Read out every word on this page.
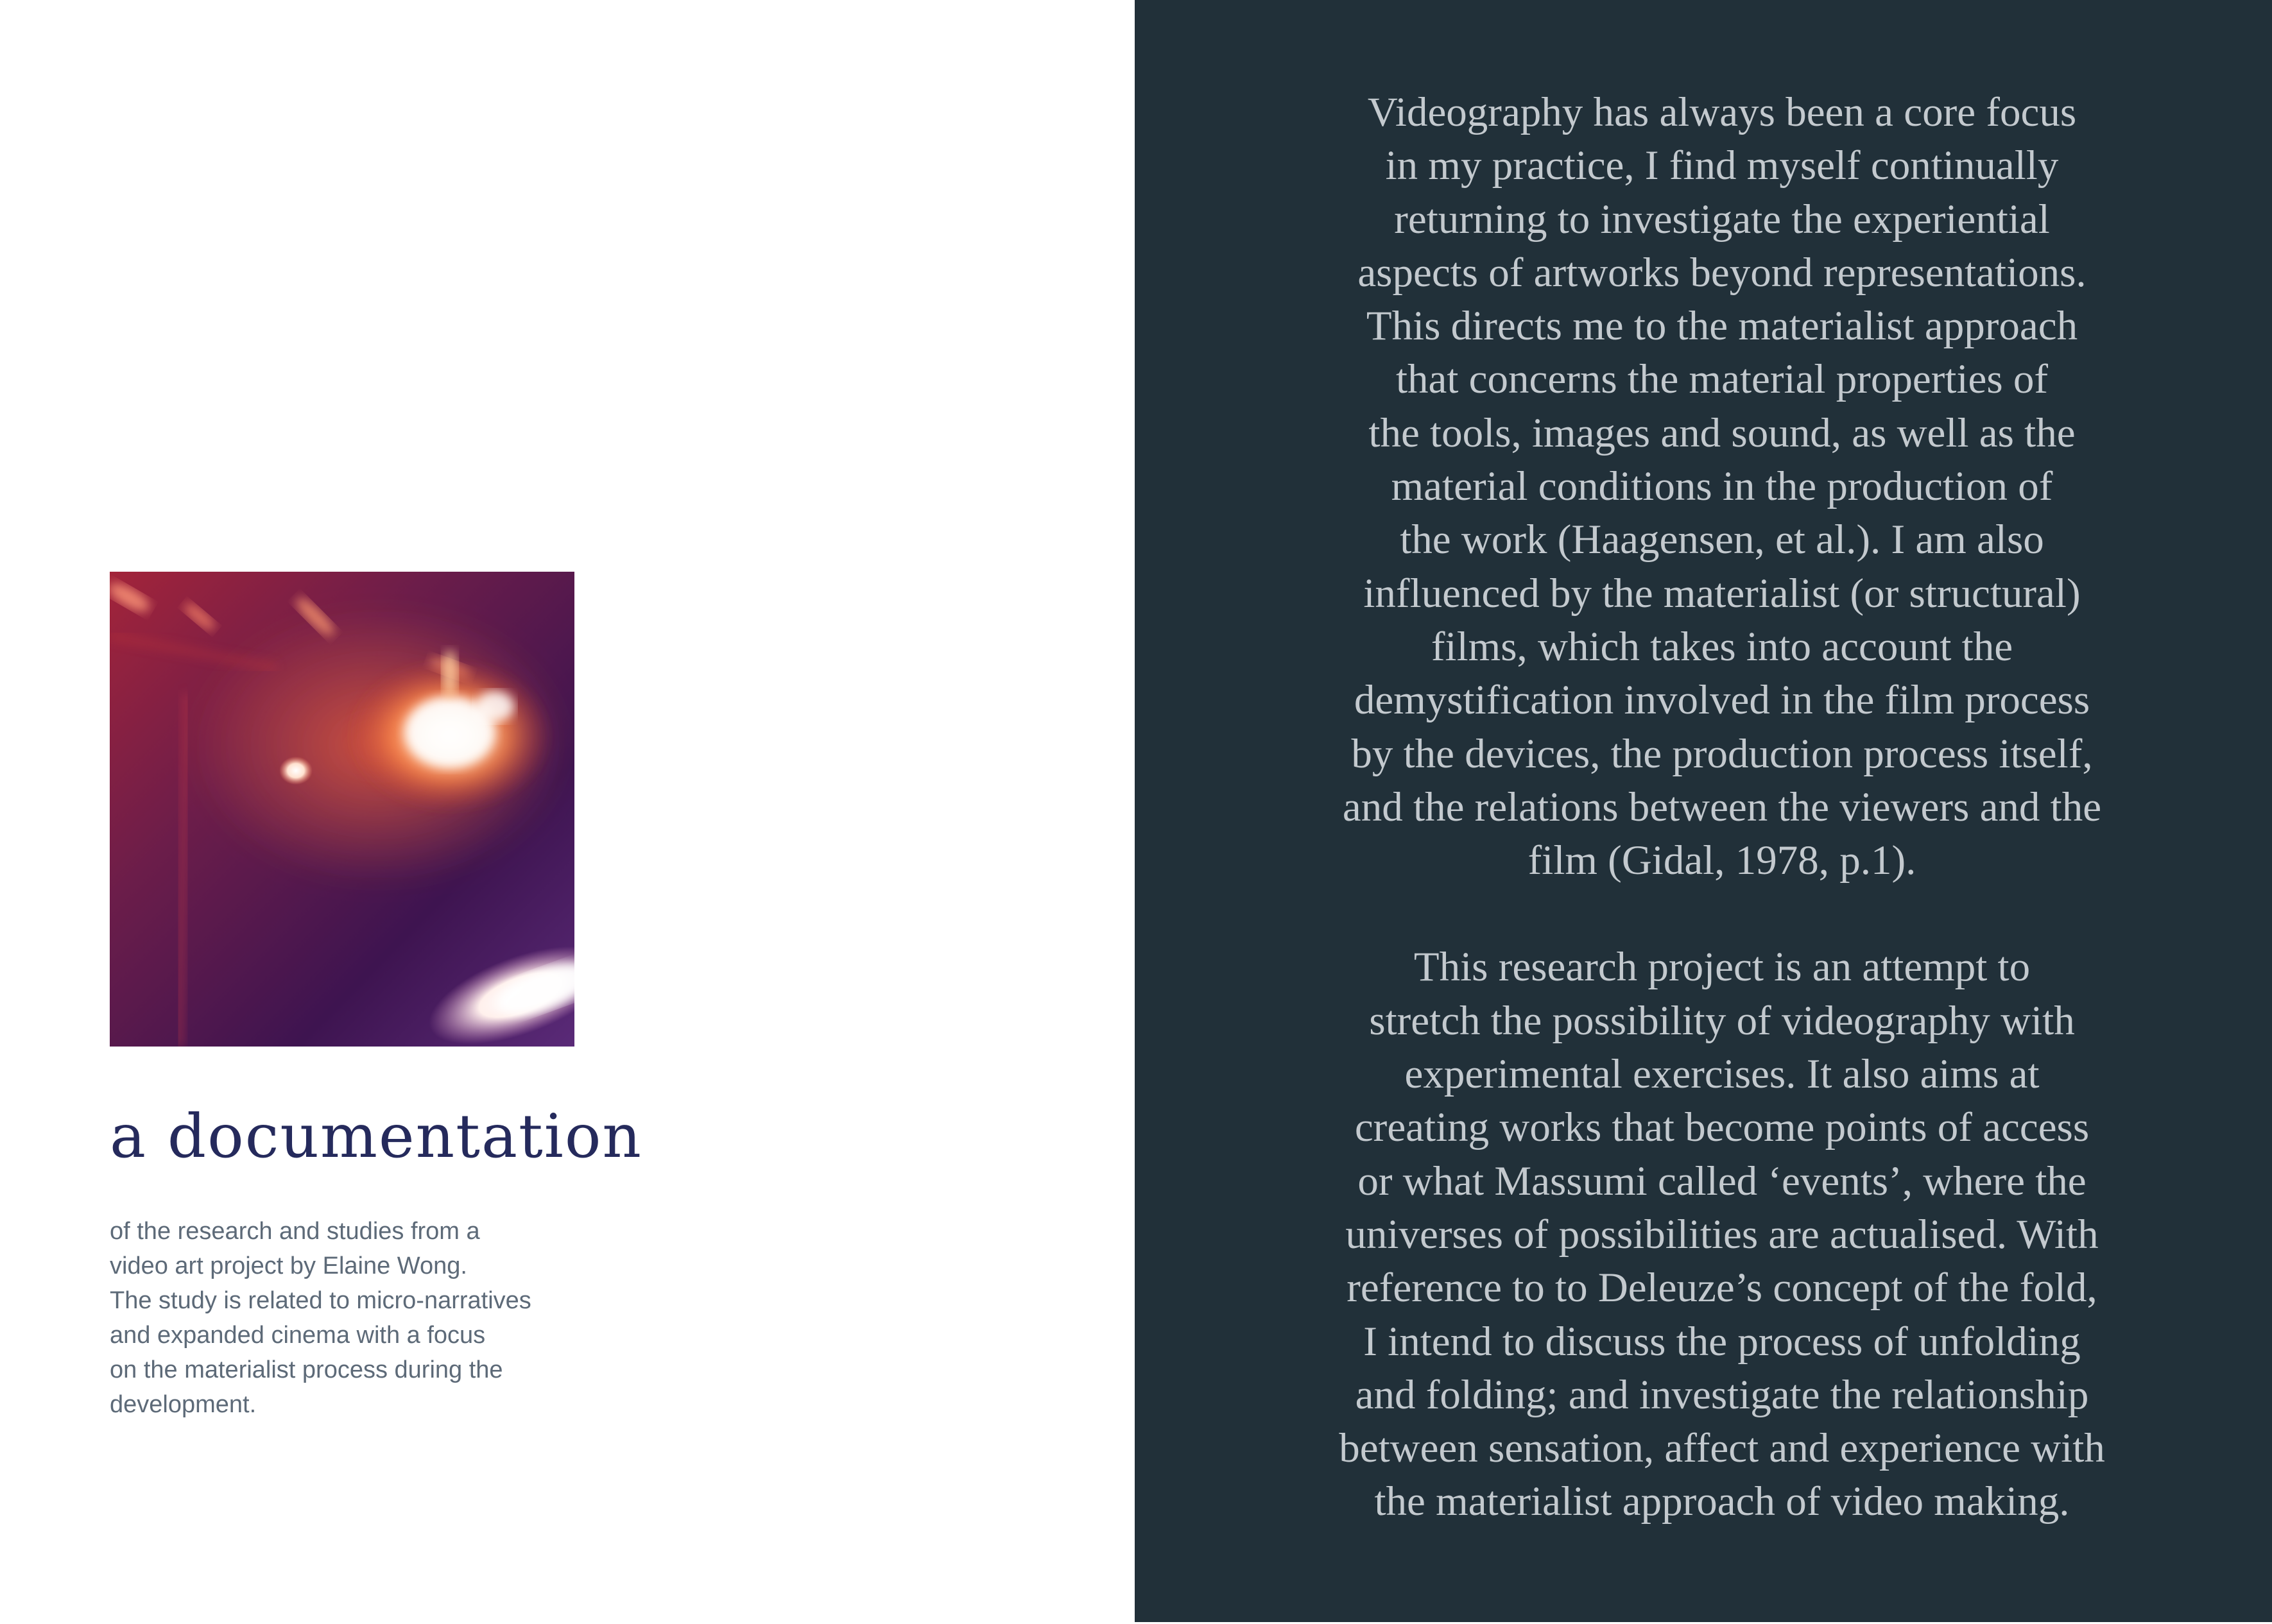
a documentation

of the research and studies from a
video art project by Elaine Wong.
The study is related to micro-narratives
and expanded cinema with a focus
on the materialist process during the
development.

Videography has always been a core focus
in my practice, I find myself continually
returning to investigate the experiential
aspects of artworks beyond representations.
This directs me to the materialist approach
that concerns the material properties of
the tools, images and sound, as well as the
material conditions in the production of
the work (Haagensen, et al.). I am also
influenced by the materialist (or structural)
films, which takes into account the
demystification involved in the film process
by the devices, the production process itself,
and the relations between the viewers and the
film (Gidal, 1978, p.1).

This research project is an attempt to
stretch the possibility of videography with
experimental exercises. It also aims at
creating works that become points of access
or what Massumi called ‘events’, where the
universes of possibilities are actualised. With
reference to to Deleuze’s concept of the fold,
I intend to discuss the process of unfolding
and folding; and investigate the relationship
between sensation, affect and experience with
the materialist approach of video making.
